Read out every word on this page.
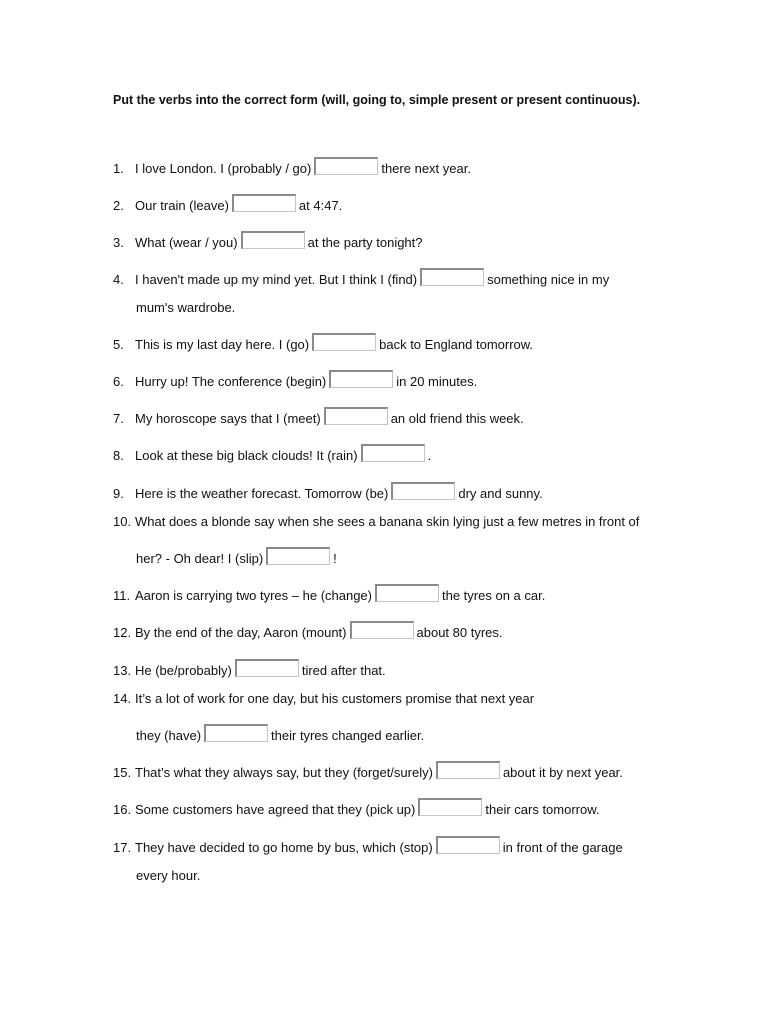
Put the verbs into the correct form (will, going to, simple present or present continuous).
1. I love London. I (probably / go)	there next year.
2. Our train (leave)	at 4:47.
3. What (wear / you)	at the party tonight?
4. I haven't made up my mind yet. But I think I (find)	something nice in my
mum's wardrobe.
5. This is my last day here. I (go)	back to England tomorrow.
6. Hurry up! The conference (begin)	in 20 minutes.
7. My horoscope says that I (meet)	an old friend this week.
8. Look at these big black clouds! It (rain)	.
9. Here is the weather forecast. Tomorrow (be)	dry and sunny.
10. What does a blonde say when she sees a banana skin lying just a few metres in front of
her? - Oh dear! I (slip)	!
11. Aaron is carrying two tyres – he (change)	the tyres on a car.
12. By the end of the day, Aaron (mount)	about 80 tyres.
13. He (be/probably)	tired after that.
14. It’s a lot of work for one day, but his customers promise that next year
they (have)	their tyres changed earlier.
15. That’s what they always say, but they (forget/surely)	about it by next year.
16. Some customers have agreed that they (pick up)	their cars tomorrow.
17. They have decided to go home by bus, which (stop)	in front of the garage
every hour.
